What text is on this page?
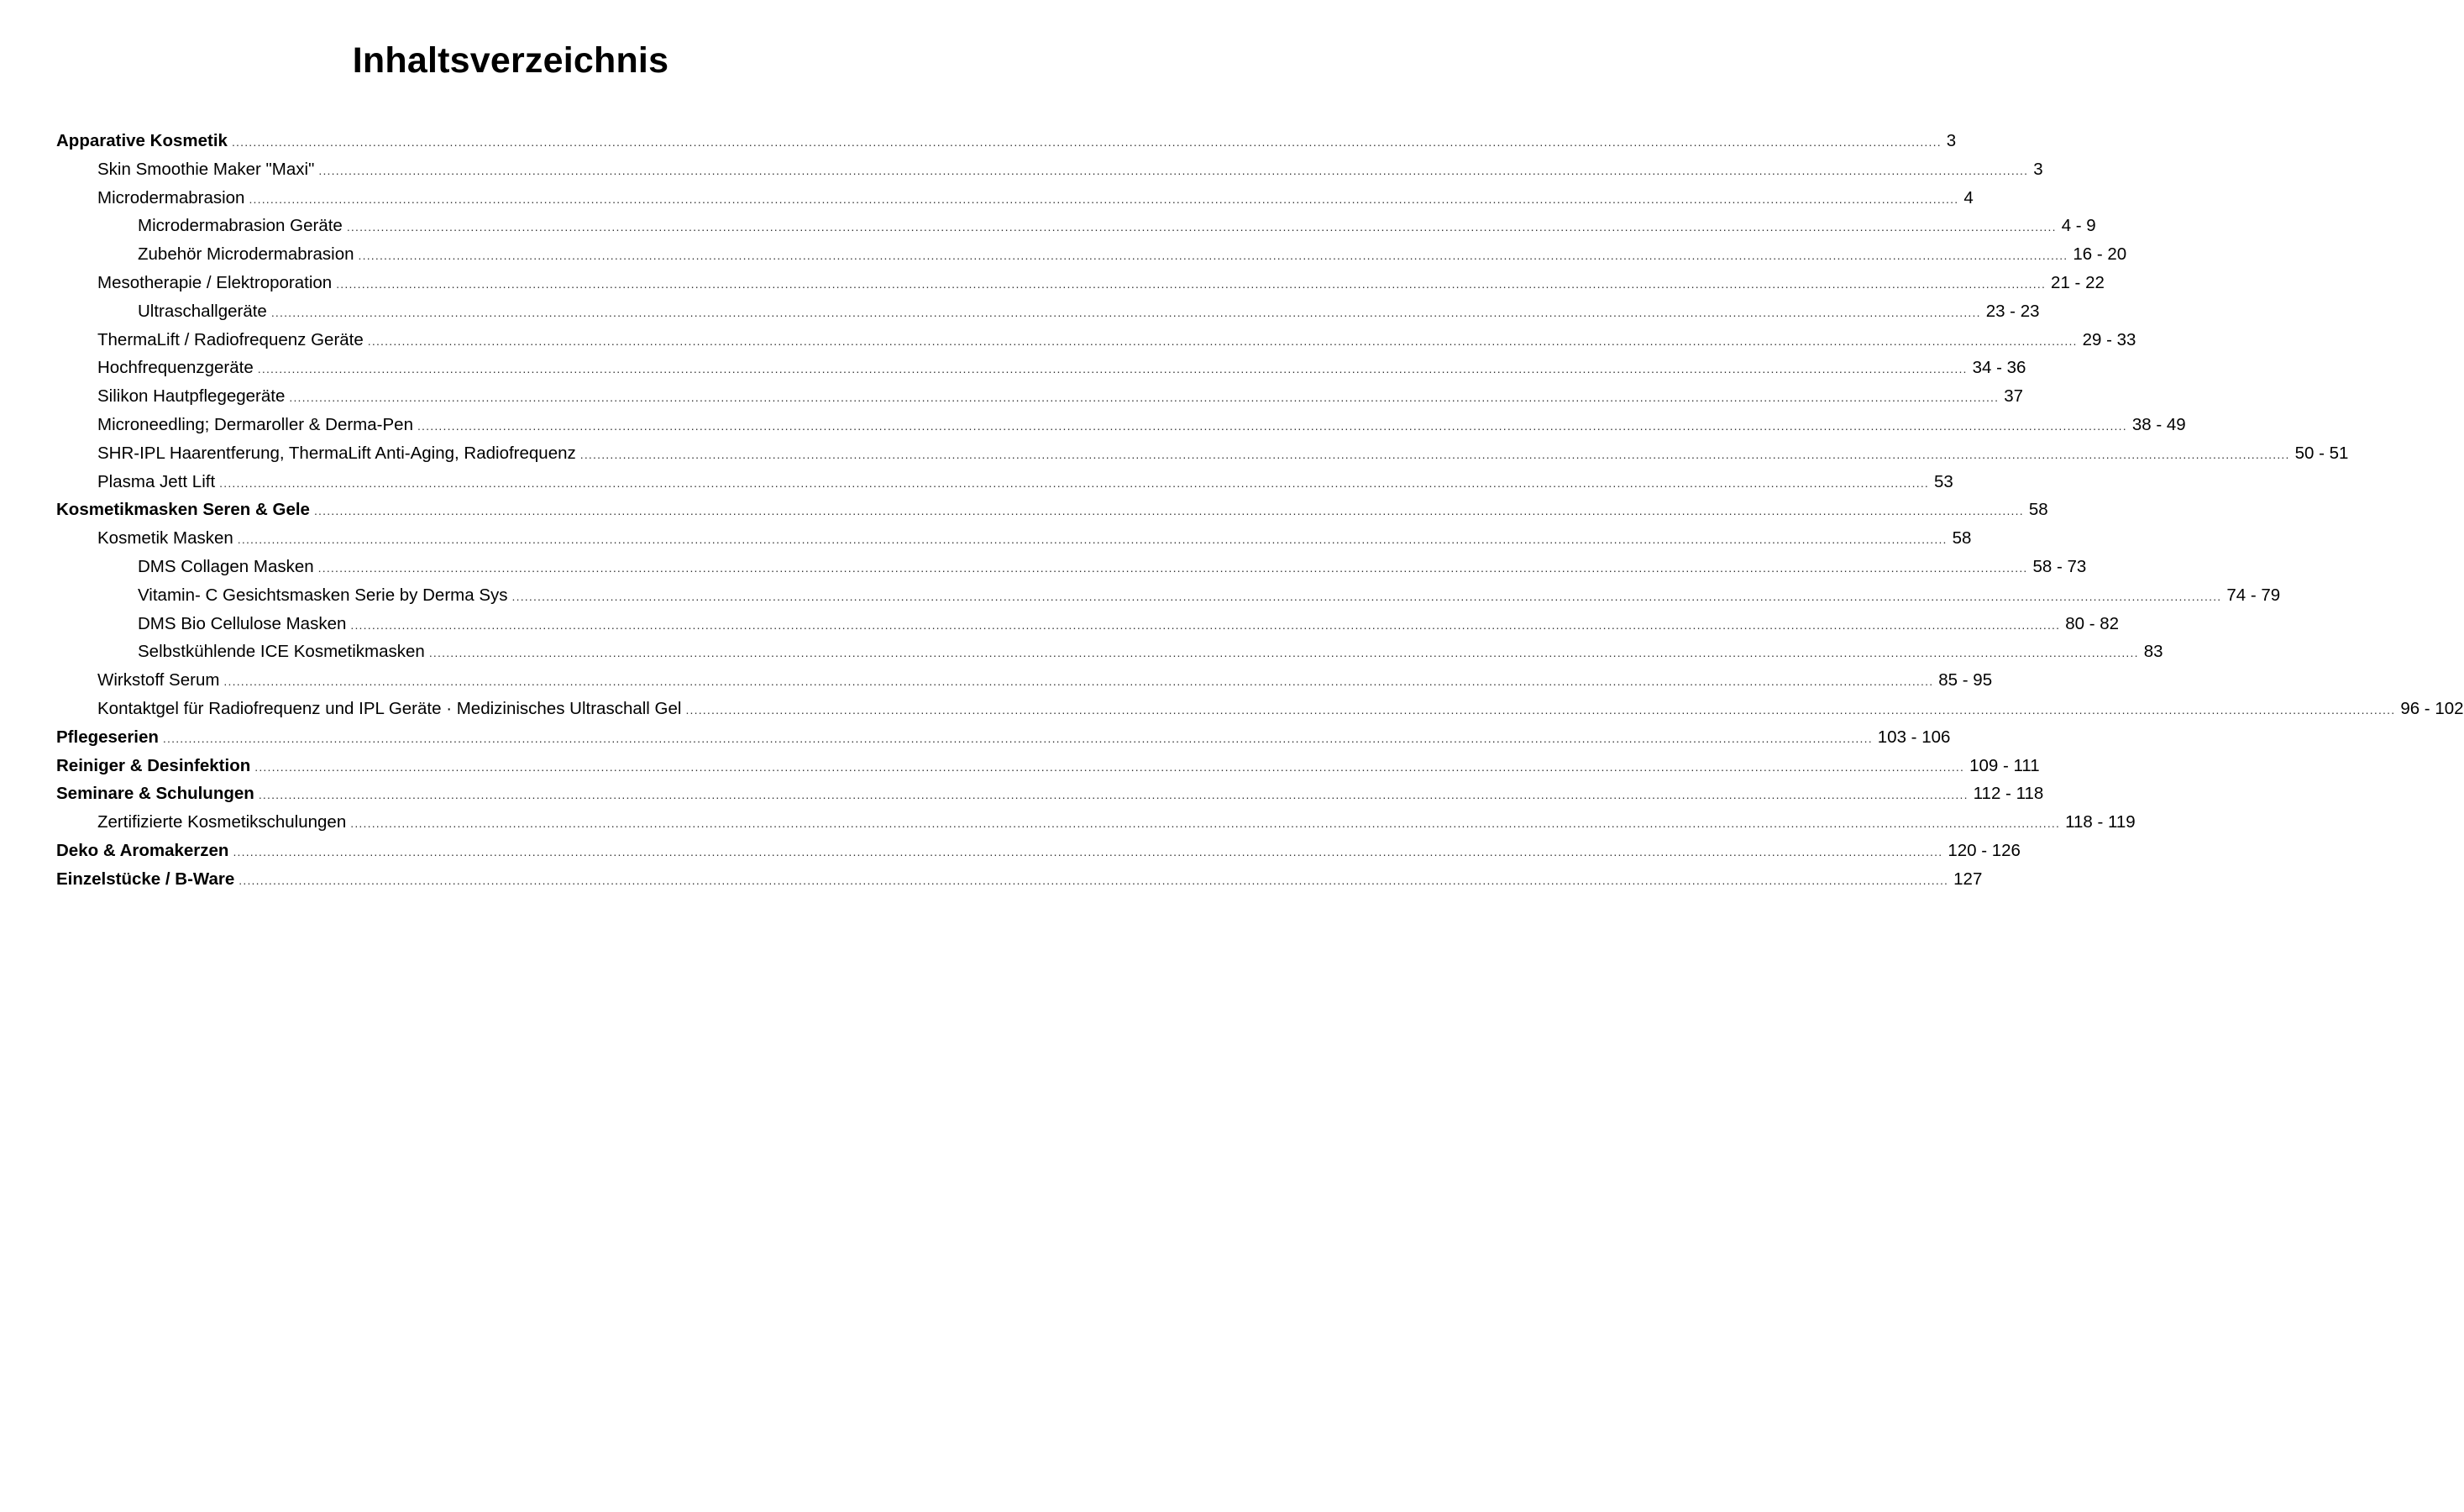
Inhaltsverzeichnis
Apparative Kosmetik ................................................................................................................................................................................................................................................................................................................................................................................................................ 3
Skin Smoothie Maker "Maxi" ................................................................................................................................................................................................................................................................................................................................................................................................................ 3
Microdermabrasion ................................................................................................................................................................................................................................................................................................................................................................................................................ 4
Microdermabrasion Geräte ................................................................................................................................................................................................................................................................................................................................................................................................................ 4 - 9
Zubehör Microdermabrasion ................................................................................................................................................................................................................................................................................................................................................................................................................ 16 - 20
Mesotherapie / Elektroporation ................................................................................................................................................................................................................................................................................................................................................................................................................ 21 - 22
Ultraschallgeräte ................................................................................................................................................................................................................................................................................................................................................................................................................ 23 - 23
ThermaLift / Radiofrequenz Geräte ................................................................................................................................................................................................................................................................................................................................................................................................................ 29 - 33
Hochfrequenzgeräte ................................................................................................................................................................................................................................................................................................................................................................................................................ 34 - 36
Silikon Hautpflegegeräte ................................................................................................................................................................................................................................................................................................................................................................................................................ 37
Microneedling; Dermaroller & Derma-Pen ................................................................................................................................................................................................................................................................................................................................................................................................................ 38 - 49
SHR-IPL Haarentferung, ThermaLift Anti-Aging, Radiofrequenz ................................................................................................................................................................................................................................................................................................................................................................................................................ 50 - 51
Plasma Jett Lift ................................................................................................................................................................................................................................................................................................................................................................................................................ 53
Kosmetikmasken Seren & Gele ................................................................................................................................................................................................................................................................................................................................................................................................................ 58
Kosmetik Masken ................................................................................................................................................................................................................................................................................................................................................................................................................ 58
DMS Collagen Masken ................................................................................................................................................................................................................................................................................................................................................................................................................ 58 - 73
Vitamin- C Gesichtsmasken Serie by Derma Sys ................................................................................................................................................................................................................................................................................................................................................................................................................ 74 - 79
DMS Bio Cellulose Masken ................................................................................................................................................................................................................................................................................................................................................................................................................ 80 - 82
Selbstkühlende ICE Kosmetikmasken ................................................................................................................................................................................................................................................................................................................................................................................................................ 83
Wirkstoff Serum ................................................................................................................................................................................................................................................................................................................................................................................................................ 85 - 95
Kontaktgel für Radiofrequenz und IPL Geräte · Medizinisches Ultraschall Gel ................................................................................................................................................................................................................................................................................................................................................................................................................ 96 - 102
Pflegeserien ................................................................................................................................................................................................................................................................................................................................................................................................................ 103 - 106
Reiniger & Desinfektion ................................................................................................................................................................................................................................................................................................................................................................................................................ 109 - 111
Seminare & Schulungen ................................................................................................................................................................................................................................................................................................................................................................................................................ 112 - 118
Zertifizierte Kosmetikschulungen ................................................................................................................................................................................................................................................................................................................................................................................................................ 118 - 119
Deko & Aromakerzen ................................................................................................................................................................................................................................................................................................................................................................................................................ 120 - 126
Einzelstücke / B-Ware ................................................................................................................................................................................................................................................................................................................................................................................................................ 127
